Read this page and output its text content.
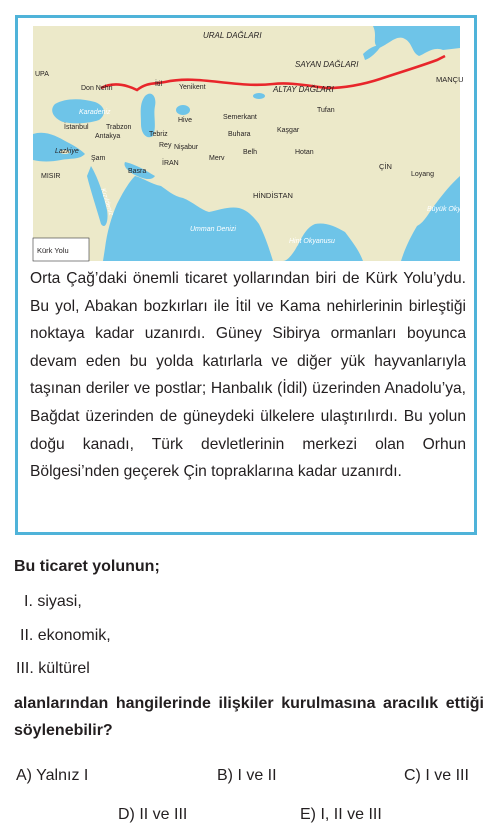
Kürk Yolu
URAL DAĞLARI
SAYAN DAĞLARI
ALTAY DAĞLARI
MANÇU
UPA
Don Nehri
İtil Yenikent
Tufan
Karadeniz
İstanbul Trabzon
Antakya
Hive	Semerkant
Kaşgar
Buhara
Tebriz
Rey Nişabur
Belh	Hotan
Merv
Lazkiye
Şam
Basra
İRAN
MISIR
ÇİN
Loyang
HİNDİSTAN
Kızıldeniz
Umman Denizi
Hint Okyanusu
Büyük Okya
Orta Çağ’daki önemli ticaret yollarından biri de Kürk Yolu’ydu. Bu yol, Abakan bozkırları ile İtil ve Kama nehirlerinin birleştiği noktaya kadar uzanırdı. Güney Sibirya ormanları boyunca devam eden bu yolda katırlarla ve diğer yük hayvanlarıyla taşınan deriler ve postlar; Hanbalık (İdil) üzerinden Anadolu’ya, Bağdat üzerinden de güneydeki ülkelere ulaştırılırdı. Bu yolun doğu kanadı, Türk devletlerinin merkezi olan Orhun Bölgesi’nden geçerek Çin topraklarına kadar uzanırdı.
Bu ticaret yolunun;
I. siyasi,
II. ekonomik,
III. kültürel
alanlarından hangilerinde ilişkiler kurulmasına aracılık ettiği söylenebilir?
A) Yalnız I	B) I ve II	C) I ve III
D) II ve III	E) I, II ve III
